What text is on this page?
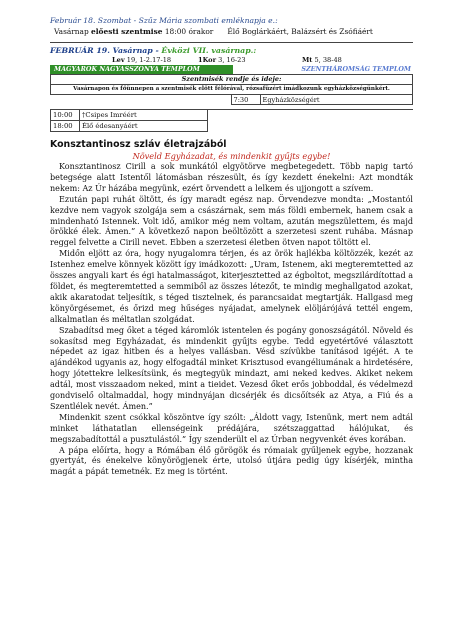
Február 18. Szombat - Szűz Mária szombati emléknapja e.:
Vasárnap előesti szentmise 18:00 órakor Élő Boglárkáért, Balázsért és Zsófiáért
FEBRUÁR 19. Vasárnap - Évközi VII. vasárnap.:
Lev 19, 1-2.17-18	1Kor 3, 16-23	Mt 5, 38-48
MAGYAROK NAGYASSZONYA TEMPLOM	SZENTHÁROMSÁG TEMPLOM
Szentmisék rendje és ideje:
Vasárnapon és főünnepen a szentmisék előtt félórával, rózsafüzért imádkozunk egyházközségünkért.
7:30	Egyházközségért
10:00	†Csipes Imréért
18:00	Élő édesanyáért
Konsztantinosz szláv életrajzából
Növeld Egyházadat, és mindenkit gyűjts egybe!

Konsztantinosz Cirill a sok munkától elgyötörve megbetegedett. Több napig tartó betegsége alatt Istentől látomásban részesült, és így kezdett énekelni: Azt mondták nekem: Az Úr házába megyünk, ezért örvendett a lelkem és ujjongott a szívem.

Ezután papi ruhát öltött, és így maradt egész nap. Örvendezve mondta: „Mostantól kezdve nem vagyok szolgája sem a császárnak, sem más földi embernek, hanem csak a mindenható Istennek. Volt idő, amikor még nem voltam, azután megszülettem, és majd örökké élek. Ámen.” A következő napon beöltözött a szerzetesi szent ruhába. Másnap reggel felvette a Cirill nevet. Ebben a szerzetesi életben ötven napot töltött el.

Midőn eljött az óra, hogy nyugalomra térjen, és az örök hajlékba költözzék, kezét az Istenhez emelve könnyek között így imádkozott: „Uram, Istenem, aki megteremtetted az összes angyali kart és égi hatalmasságot, kiterjesztetted az égboltot, megszilárdítottad a földet, és megteremtetted a semmiből az összes létezőt, te mindig meghallgatod azokat, akik akaratodat teljesítik, s téged tisztelnek, és parancsaidat megtartják. Hallgasd meg könyörgésemet, és őrizd meg hűséges nyájadat, amelynek elöljárójává tettél engem, alkalmatlan és méltatlan szolgádat.

Szabadítsd meg őket a téged káromlók istentelen és pogány gonoszságától. Növeld és sokasítsd meg Egyházadat, és mindenkit gyűjts egybe. Tedd egyetértővé választott népedet az igaz hitben és a helyes vallásban. Vésd szívükbe tanításod igéjét. A te ajándékod ugyanis az, hogy elfogadtál minket Krisztusod evangéliumának a hirdetésére, hogy jótettekre lelkesítsünk, és megtegyük mindazt, ami neked kedves. Akiket nekem adtál, most visszaadom neked, mint a tieidet. Vezesd őket erős jobboddal, és védelmezd gondviselő oltalmaddal, hogy mindnyájan dicsérjék és dicsőítsék az Atya, a Fiú és a Szentlélek nevét. Ámen.”

Mindenkit szent csókkal köszöntve így szólt: „Áldott vagy, Istenünk, mert nem adtál minket láthatatlan ellenségeink prédájára, szétszaggattad hálójukat, és megszabadítottál a pusztulástól.” Így szenderült el az Úrban negyvenkét éves korában.

A pápa előírta, hogy a Rómában élő görögök és rómaiak gyűljenek egybe, hozzanak gyertyát, és énekelve könyörögjenek érte, utolsó útjára pedig úgy kísérjék, mintha magát a pápát temetnék. Ez meg is történt.
